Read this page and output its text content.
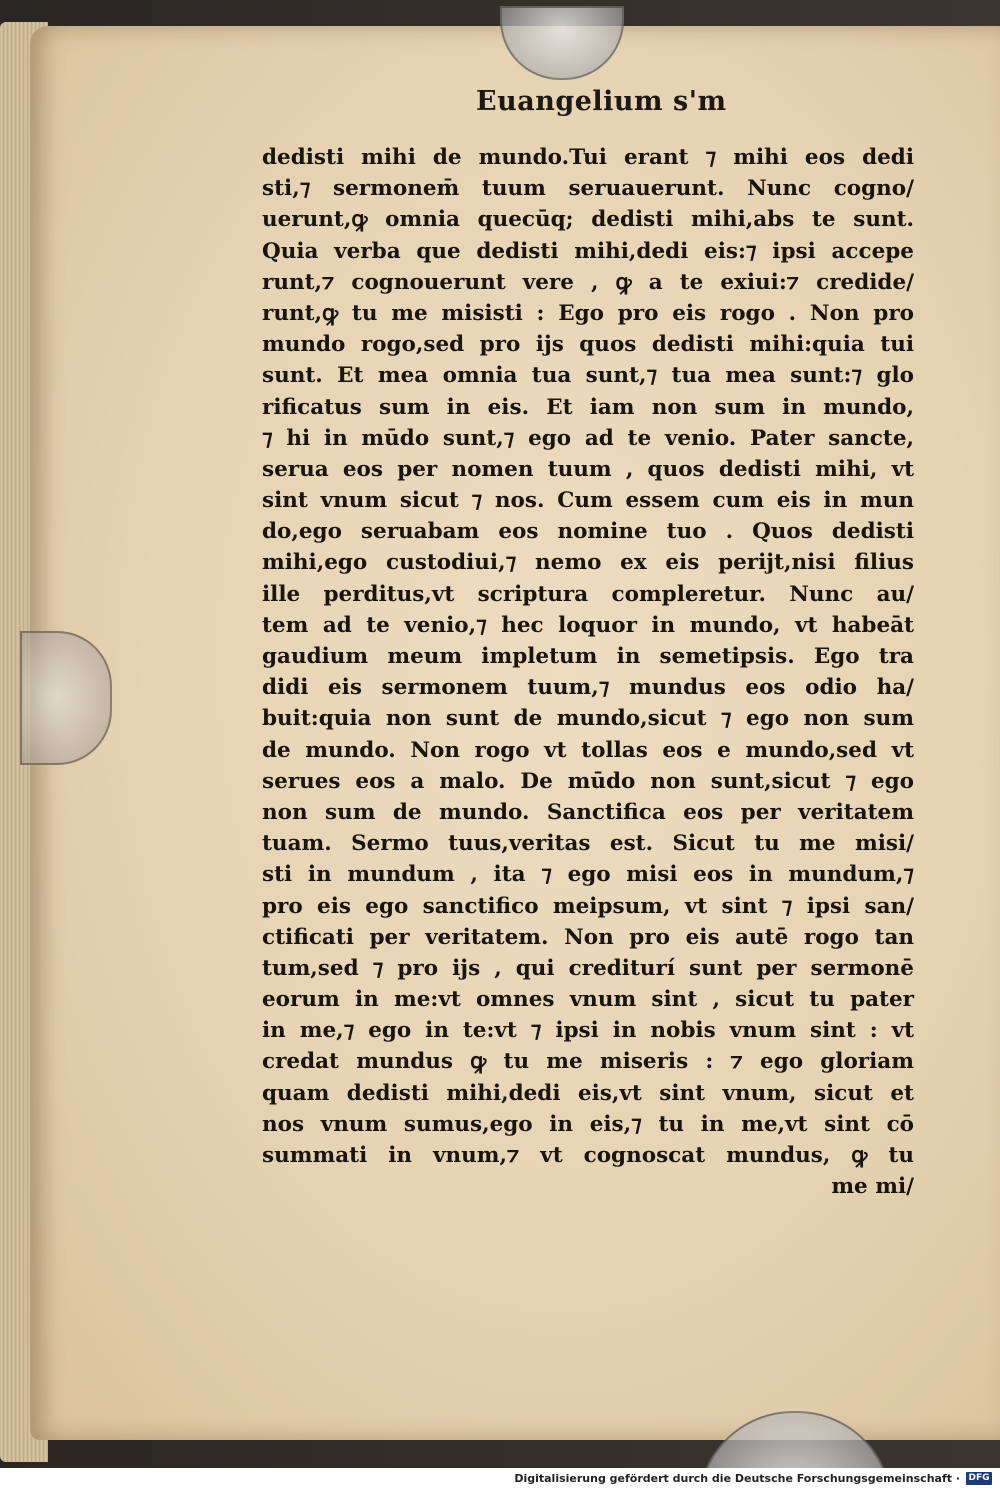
Euangelium s'm
dedisti mihi de mundo.Tui erant ⁊ mihi eos dedi
sti,⁊ sermonem̄ tuum seruauerunt. Nunc cogno/
uerunt,ꝙ omnia quecūq; dedisti mihi,abs te sunt.
Quia verba que dedisti mihi,dedi eis:⁊ ipsi accepe
runt,⁊ cognouerunt vere , ꝙ a te exiui:⁊ credide/
runt,ꝙ tu me misisti : Ego pro eis rogo . Non pro
mundo rogo,sed pro ijs quos dedisti mihi:quia tui
sunt. Et mea omnia tua sunt,⁊ tua mea sunt:⁊ glo
rificatus sum in eis. Et iam non sum in mundo,
⁊ hi in mūdo sunt,⁊ ego ad te venio. Pater sancte,
serua eos per nomen tuum , quos dedisti mihi, vt
sint vnum sicut ⁊ nos. Cum essem cum eis in mun
do,ego seruabam eos nomine tuo . Quos dedisti
mihi,ego custodiui,⁊ nemo ex eis perijt,nisi filius
ille perditus,vt scriptura compleretur. Nunc au/
tem ad te venio,⁊ hec loquor in mundo, vt habeāt
gaudium meum impletum in semetipsis. Ego tra
didi eis sermonem tuum,⁊ mundus eos odio ha/
buit:quia non sunt de mundo,sicut ⁊ ego non sum
de mundo. Non rogo vt tollas eos e mundo,sed vt
serues eos a malo. De mūdo non sunt,sicut ⁊ ego
non sum de mundo. Sanctifica eos per veritatem
tuam. Sermo tuus,veritas est. Sicut tu me misi/
sti in mundum , ita ⁊ ego misi eos in mundum,⁊
pro eis ego sanctifico meipsum, vt sint ⁊ ipsi san/
ctificati per veritatem. Non pro eis autē rogo tan
tum,sed ⁊ pro ijs , qui crediturí sunt per sermonē
eorum in me:vt omnes vnum sint , sicut tu pater
in me,⁊ ego in te:vt ⁊ ipsi in nobis vnum sint : vt
credat mundus ꝙ tu me miseris : ⁊ ego gloriam
quam dedisti mihi,dedi eis,vt sint vnum, sicut et
nos vnum sumus,ego in eis,⁊ tu in me,vt sint cō
summati in vnum,⁊ vt cognoscat mundus, ꝙ tu
me mi/
Digitalisierung gefördert durch die Deutsche Forschungsgemeinschaft · DFG
